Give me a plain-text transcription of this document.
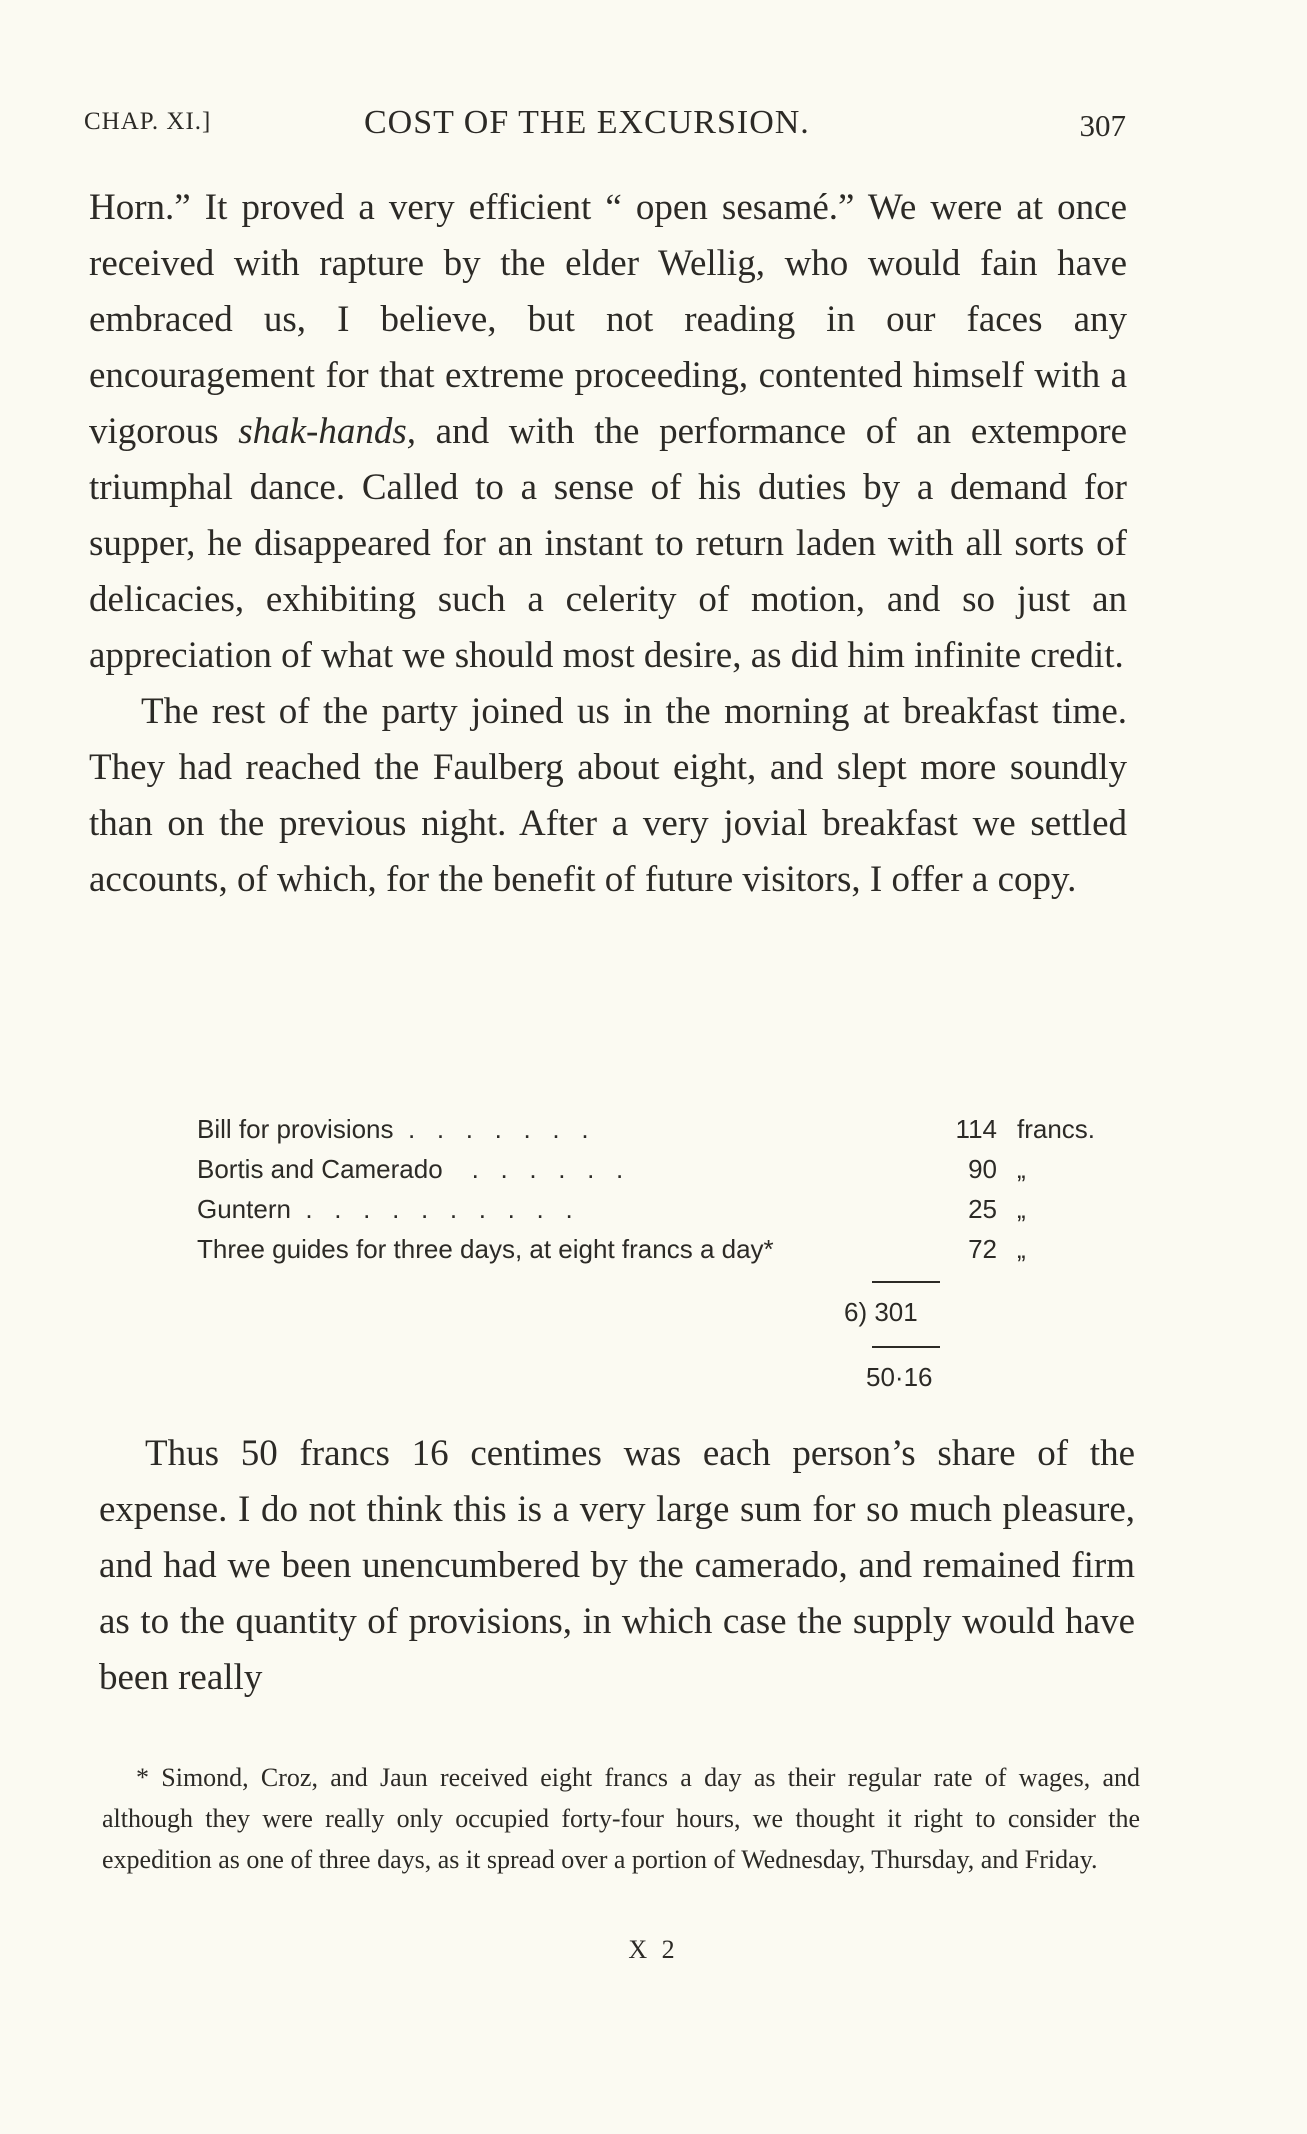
CHAP. XI.]	COST OF THE EXCURSION.	307

Horn.” It proved a very efficient “ open sesamé.” We were at once received with rapture by the elder Wellig, who would fain have embraced us, I believe, but not reading in our faces any encouragement for that extreme proceeding, contented himself with a vigorous shak-hands, and with the performance of an extempore triumphal dance. Called to a sense of his duties by a demand for supper, he disappeared for an instant to return laden with all sorts of delicacies, exhibiting such a celerity of motion, and so just an appreciation of what we should most desire, as did him infinite credit.

The rest of the party joined us in the morning at breakfast time. They had reached the Faulberg about eight, and slept more soundly than on the previous night. After a very jovial breakfast we settled accounts, of which, for the benefit of future visitors, I offer a copy.

Bill for provisions  .   .   .   .   .   .   .	114 francs.
Bortis and Camerado    .   .   .   .   .   .	90 „
Guntern  .   .   .   .   .   .   .   .   .   .	25 „
Three guides for three days, at eight francs a day*	72 „
6) 301
50·16

Thus 50 francs 16 centimes was each person’s share of the expense. I do not think this is a very large sum for so much pleasure, and had we been unencumbered by the camerado, and remained firm as to the quantity of provisions, in which case the supply would have been really

* Simond, Croz, and Jaun received eight francs a day as their regular rate of wages, and although they were really only occupied forty-four hours, we thought it right to consider the expedition as one of three days, as it spread over a portion of Wednesday, Thursday, and Friday.

X 2
